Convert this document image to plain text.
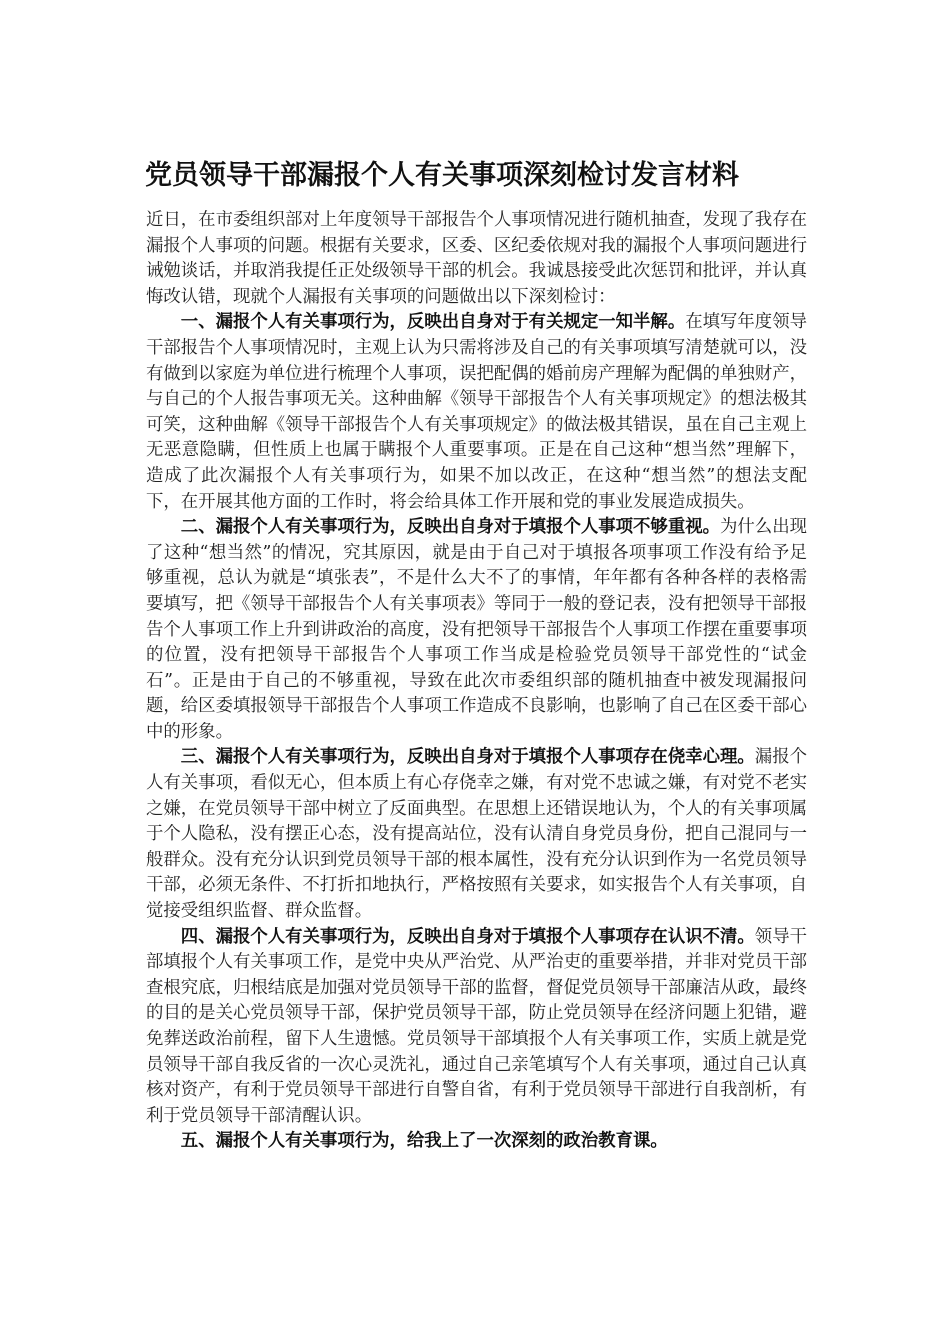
党员领导干部漏报个人有关事项深刻检讨发言材料

近日，在市委组织部对上年度领导干部报告个人事项情况进行随机抽查，发现了我存在漏报个人事项的问题。根据有关要求，区委、区纪委依规对我的漏报个人事项问题进行诫勉谈话，并取消我提任正处级领导干部的机会。我诚恳接受此次惩罚和批评，并认真悔改认错，现就个人漏报有关事项的问题做出以下深刻检讨：

一、漏报个人有关事项行为，反映出自身对于有关规定一知半解。在填写年度领导干部报告个人事项情况时，主观上认为只需将涉及自己的有关事项填写清楚就可以，没有做到以家庭为单位进行梳理个人事项，误把配偶的婚前房产理解为配偶的单独财产，与自己的个人报告事项无关。这种曲解《领导干部报告个人有关事项规定》的想法极其可笑，这种曲解《领导干部报告个人有关事项规定》的做法极其错误，虽在自己主观上无恶意隐瞒，但性质上也属于瞒报个人重要事项。正是在自己这种“想当然”理解下，造成了此次漏报个人有关事项行为，如果不加以改正，在这种“想当然”的想法支配下，在开展其他方面的工作时，将会给具体工作开展和党的事业发展造成损失。

二、漏报个人有关事项行为，反映出自身对于填报个人事项不够重视。为什么出现了这种“想当然”的情况，究其原因，就是由于自己对于填报各项事项工作没有给予足够重视，总认为就是“填张表”，不是什么大不了的事情，年年都有各种各样的表格需要填写，把《领导干部报告个人有关事项表》等同于一般的登记表，没有把领导干部报告个人事项工作上升到讲政治的高度，没有把领导干部报告个人事项工作摆在重要事项的位置，没有把领导干部报告个人事项工作当成是检验党员领导干部党性的“试金石”。正是由于自己的不够重视，导致在此次市委组织部的随机抽查中被发现漏报问题，给区委填报领导干部报告个人事项工作造成不良影响，也影响了自己在区委干部心中的形象。

三、漏报个人有关事项行为，反映出自身对于填报个人事项存在侥幸心理。漏报个人有关事项，看似无心，但本质上有心存侥幸之嫌，有对党不忠诚之嫌，有对党不老实之嫌，在党员领导干部中树立了反面典型。在思想上还错误地认为，个人的有关事项属于个人隐私，没有摆正心态，没有提高站位，没有认清自身党员身份，把自己混同与一般群众。没有充分认识到党员领导干部的根本属性，没有充分认识到作为一名党员领导干部，必须无条件、不打折扣地执行，严格按照有关要求，如实报告个人有关事项，自觉接受组织监督、群众监督。

四、漏报个人有关事项行为，反映出自身对于填报个人事项存在认识不清。领导干部填报个人有关事项工作，是党中央从严治党、从严治吏的重要举措，并非对党员干部查根究底，归根结底是加强对党员领导干部的监督，督促党员领导干部廉洁从政，最终的目的是关心党员领导干部，保护党员领导干部，防止党员领导在经济问题上犯错，避免葬送政治前程，留下人生遗憾。党员领导干部填报个人有关事项工作，实质上就是党员领导干部自我反省的一次心灵洗礼，通过自己亲笔填写个人有关事项，通过自己认真核对资产，有利于党员领导干部进行自警自省，有利于党员领导干部进行自我剖析，有利于党员领导干部清醒认识。

五、漏报个人有关事项行为，给我上了一次深刻的政治教育课。
